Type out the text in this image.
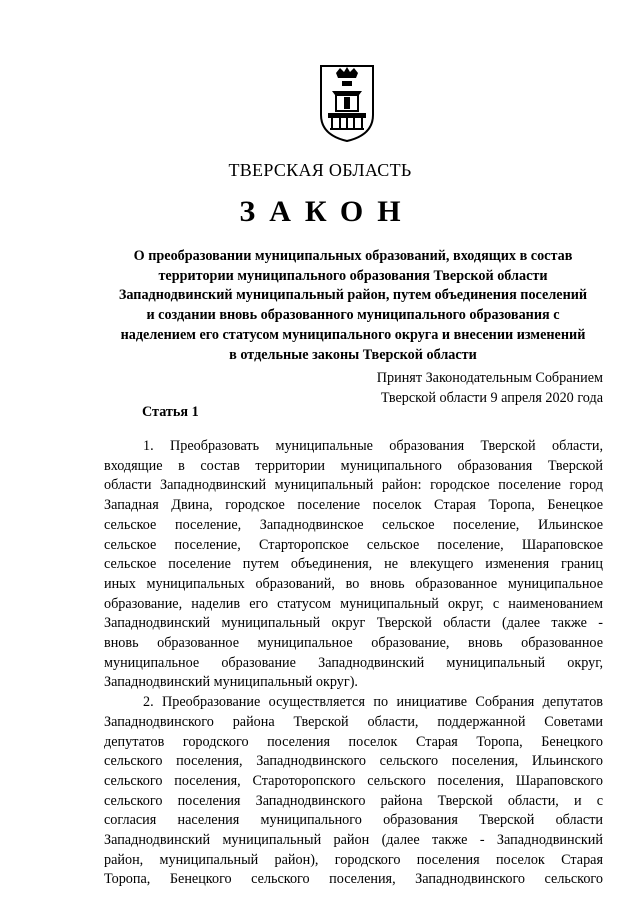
ТВЕРСКАЯ ОБЛАСТЬ
ЗАКОН
О преобразовании муниципальных образований, входящих в состав
территории муниципального образования Тверской области
Западнодвинский муниципальный район, путем объединения поселений
и создании вновь образованного муниципального образования с
наделением его статусом муниципального округа и внесении изменений
в отдельные законы Тверской области
Принят Законодательным Собранием
Тверской области 9 апреля 2020 года
Статья 1
1. Преобразовать муниципальные образования Тверской области,
входящие в состав территории муниципального образования Тверской
области Западнодвинский муниципальный район: городское поселение город
Западная Двина, городское поселение поселок Старая Торопа, Бенецкое
сельское поселение, Западнодвинское сельское поселение, Ильинское
сельское поселение, Старторопское сельское поселение, Шараповское
сельское поселение путем объединения, не влекущего изменения границ
иных муниципальных образований, во вновь образованное муниципальное
образование, наделив его статусом муниципальный округ, с наименованием
Западнодвинский муниципальный округ Тверской области (далее также -
вновь образованное муниципальное образование, вновь образованное
муниципальное образование Западнодвинский муниципальный округ,
Западнодвинский муниципальный округ).
2. Преобразование осуществляется по инициативе Собрания депутатов
Западнодвинского района Тверской области, поддержанной Советами
депутатов городского поселения поселок Старая Торопа, Бенецкого
сельского поселения, Западнодвинского сельского поселения, Ильинского
сельского поселения, Староторопского сельского поселения, Шараповского
сельского поселения Западнодвинского района Тверской области, и с
согласия населения муниципального образования Тверской области
Западнодвинский муниципальный район (далее также - Западнодвинский
район, муниципальный район), городского поселения поселок Старая
Торопа, Бенецкого сельского поселения, Западнодвинского сельского
